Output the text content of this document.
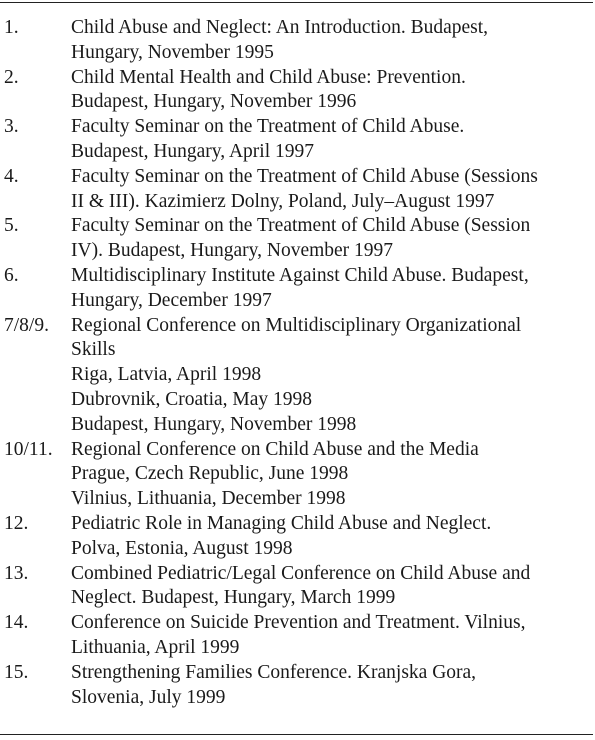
1.	Child Abuse and Neglect: An Introduction. Budapest,
Hungary, November 1995
2.	Child Mental Health and Child Abuse: Prevention.
Budapest, Hungary, November 1996
3.	Faculty Seminar on the Treatment of Child Abuse.
Budapest, Hungary, April 1997
4.	Faculty Seminar on the Treatment of Child Abuse (Sessions
II & III). Kazimierz Dolny, Poland, July–August 1997
5.	Faculty Seminar on the Treatment of Child Abuse (Session
IV). Budapest, Hungary, November 1997
6.	Multidisciplinary Institute Against Child Abuse. Budapest,
Hungary, December 1997
7/8/9. Regional Conference on Multidisciplinary Organizational
Skills
Riga, Latvia, April 1998
Dubrovnik, Croatia, May 1998
Budapest, Hungary, November 1998
10/11. Regional Conference on Child Abuse and the Media
Prague, Czech Republic, June 1998
Vilnius, Lithuania, December 1998
12. Pediatric Role in Managing Child Abuse and Neglect.
Polva, Estonia, August 1998
13. Combined Pediatric/Legal Conference on Child Abuse and
Neglect. Budapest, Hungary, March 1999
14. Conference on Suicide Prevention and Treatment. Vilnius,
Lithuania, April 1999
15. Strengthening Families Conference. Kranjska Gora,
Slovenia, July 1999
